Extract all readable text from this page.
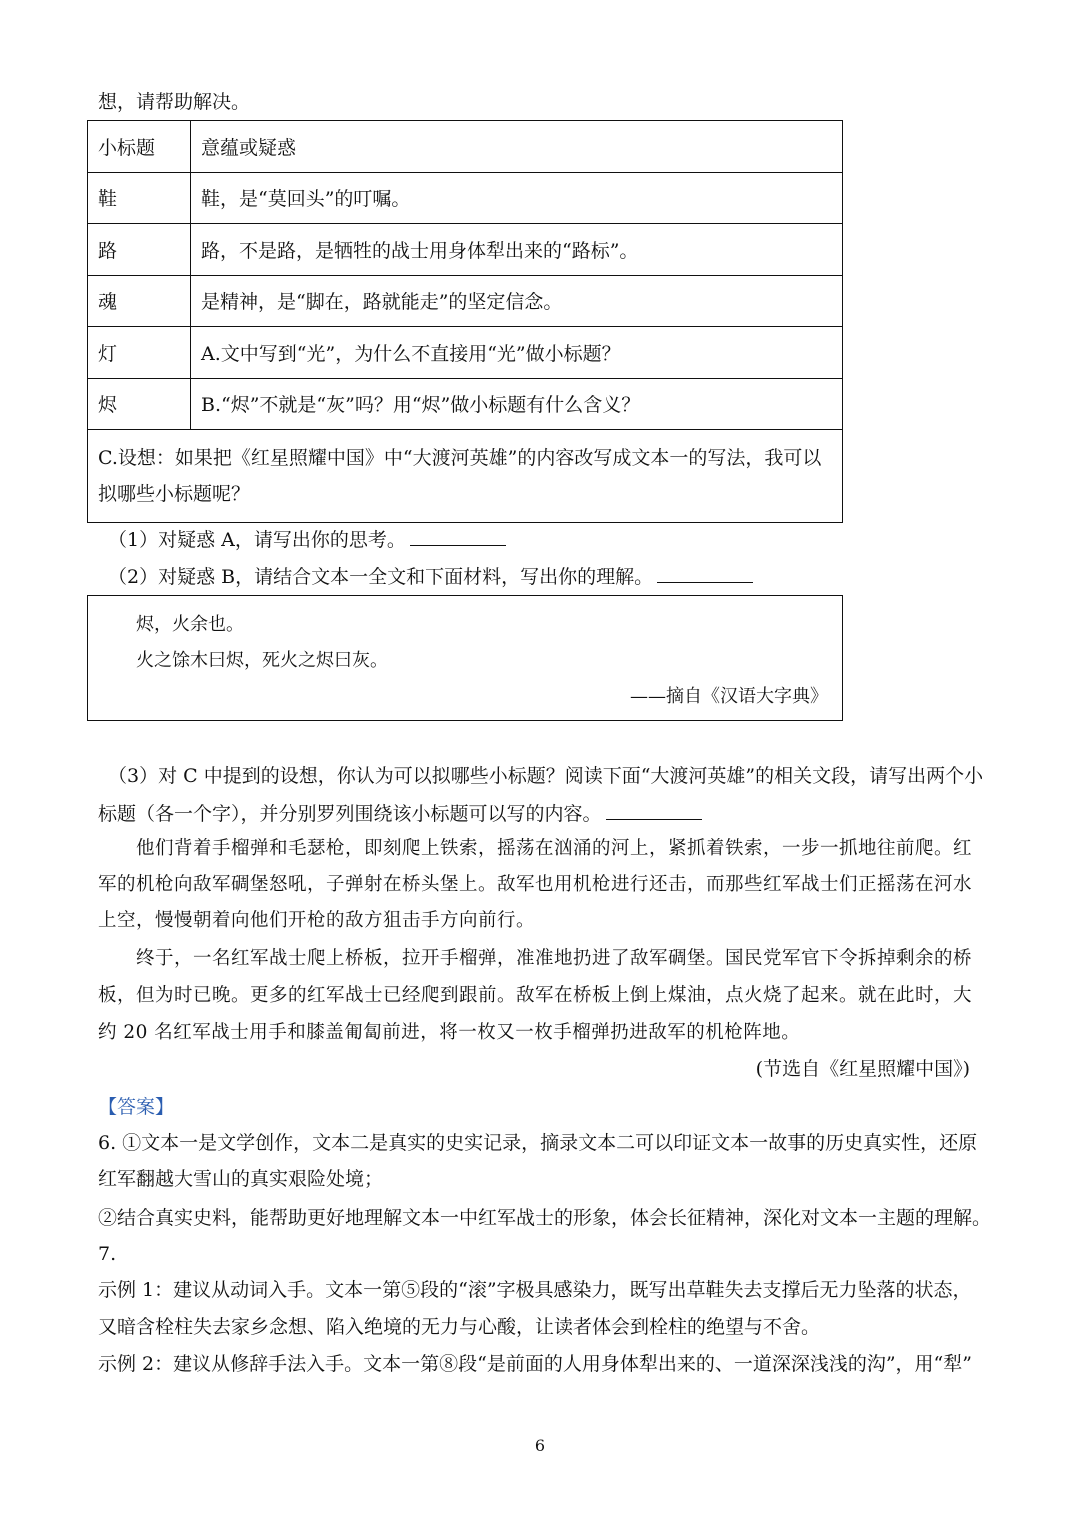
想，请帮助解决。
小标题	意蕴或疑惑
鞋	鞋，是“莫回头”的叮嘱。
路	路，不是路，是牺牲的战士用身体犁出来的“路标”。
魂	是精神，是“脚在，路就能走”的坚定信念。
灯	A.文中写到“光”，为什么不直接用“光”做小标题？
烬	B.“烬”不就是“灰”吗？用“烬”做小标题有什么含义？

C.设想：如果把《红星照耀中国》中“大渡河英雄”的内容改写成文本一的写法，我可以
拟哪些小标题呢？	
（1）对疑惑 A，请写出你的思考。
（2）对疑惑 B，请结合文本一全文和下面材料，写出你的理解。
烬，火余也。
火之馀木曰烬，死火之烬曰灰。
——摘自《汉语大字典》
（3）对 C 中提到的设想，你认为可以拟哪些小标题？阅读下面“大渡河英雄”的相关文段，请写出两个小
标题（各一个字），并分别罗列围绕该小标题可以写的内容。
他们背着手榴弹和毛瑟枪，即刻爬上铁索，摇荡在汹涌的河上，紧抓着铁索，一步一抓地往前爬。红
军的机枪向敌军碉堡怒吼，子弹射在桥头堡上。敌军也用机枪进行还击，而那些红军战士们正摇荡在河水
上空，慢慢朝着向他们开枪的敌方狙击手方向前行。
终于，一名红军战士爬上桥板，拉开手榴弹，准准地扔进了敌军碉堡。国民党军官下令拆掉剩余的桥
板，但为时已晚。更多的红军战士已经爬到跟前。敌军在桥板上倒上煤油，点火烧了起来。就在此时，大
约 20 名红军战士用手和膝盖匍匐前进，将一枚又一枚手榴弹扔进敌军的机枪阵地。
(节选自《红星照耀中国》)
【答案】
6. ①文本一是文学创作，文本二是真实的史实记录，摘录文本二可以印证文本一故事的历史真实性，还原
红军翻越大雪山的真实艰险处境；
②结合真实史料，能帮助更好地理解文本一中红军战士的形象，体会长征精神，深化对文本一主题的理解。
7.
示例 1：建议从动词入手。文本一第⑤段的“滚”字极具感染力，既写出草鞋失去支撑后无力坠落的状态，
又暗含栓柱失去家乡念想、陷入绝境的无力与心酸，让读者体会到栓柱的绝望与不舍。
示例 2：建议从修辞手法入手。文本一第⑧段“是前面的人用身体犁出来的、一道深深浅浅的沟”，用“犁”
6
